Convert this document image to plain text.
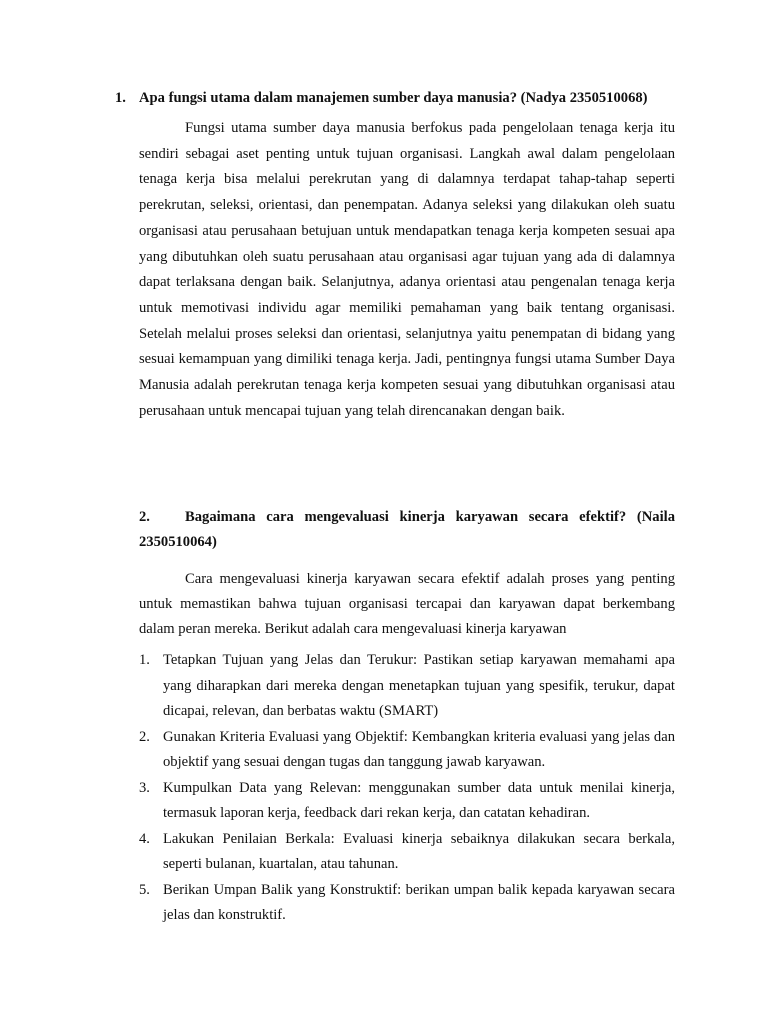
1. Apa fungsi utama dalam manajemen sumber daya manusia? (Nadya 2350510068)

Fungsi utama sumber daya manusia berfokus pada pengelolaan tenaga kerja itu sendiri sebagai aset penting untuk tujuan organisasi. Langkah awal dalam pengelolaan tenaga kerja bisa melalui perekrutan yang di dalamnya terdapat tahap-tahap seperti perekrutan, seleksi, orientasi, dan penempatan. Adanya seleksi yang dilakukan oleh suatu organisasi atau perusahaan betujuan untuk mendapatkan tenaga kerja kompeten sesuai apa yang dibutuhkan oleh suatu perusahaan atau organisasi agar tujuan yang ada di dalamnya dapat terlaksana dengan baik. Selanjutnya, adanya orientasi atau pengenalan tenaga kerja untuk memotivasi individu agar memiliki pemahaman yang baik tentang organisasi. Setelah melalui proses seleksi dan orientasi, selanjutnya yaitu penempatan di bidang yang sesuai kemampuan yang dimiliki tenaga kerja. Jadi, pentingnya fungsi utama Sumber Daya Manusia adalah perekrutan tenaga kerja kompeten sesuai yang dibutuhkan organisasi atau perusahaan untuk mencapai tujuan yang telah direncanakan dengan baik.

2. Bagaimana cara mengevaluasi kinerja karyawan secara efektif? (Naila 2350510064)

Cara mengevaluasi kinerja karyawan secara efektif adalah proses yang penting untuk memastikan bahwa tujuan organisasi tercapai dan karyawan dapat berkembang dalam peran mereka. Berikut adalah cara mengevaluasi kinerja karyawan

1. Tetapkan Tujuan yang Jelas dan Terukur: Pastikan setiap karyawan memahami apa yang diharapkan dari mereka dengan menetapkan tujuan yang spesifik, terukur, dapat dicapai, relevan, dan berbatas waktu (SMART)
2. Gunakan Kriteria Evaluasi yang Objektif: Kembangkan kriteria evaluasi yang jelas dan objektif yang sesuai dengan tugas dan tanggung jawab karyawan.
3. Kumpulkan Data yang Relevan: menggunakan sumber data untuk menilai kinerja, termasuk laporan kerja, feedback dari rekan kerja, dan catatan kehadiran.
4. Lakukan Penilaian Berkala: Evaluasi kinerja sebaiknya dilakukan secara berkala, seperti bulanan, kuartalan, atau tahunan.
5. Berikan Umpan Balik yang Konstruktif: berikan umpan balik kepada karyawan secara jelas dan konstruktif.
